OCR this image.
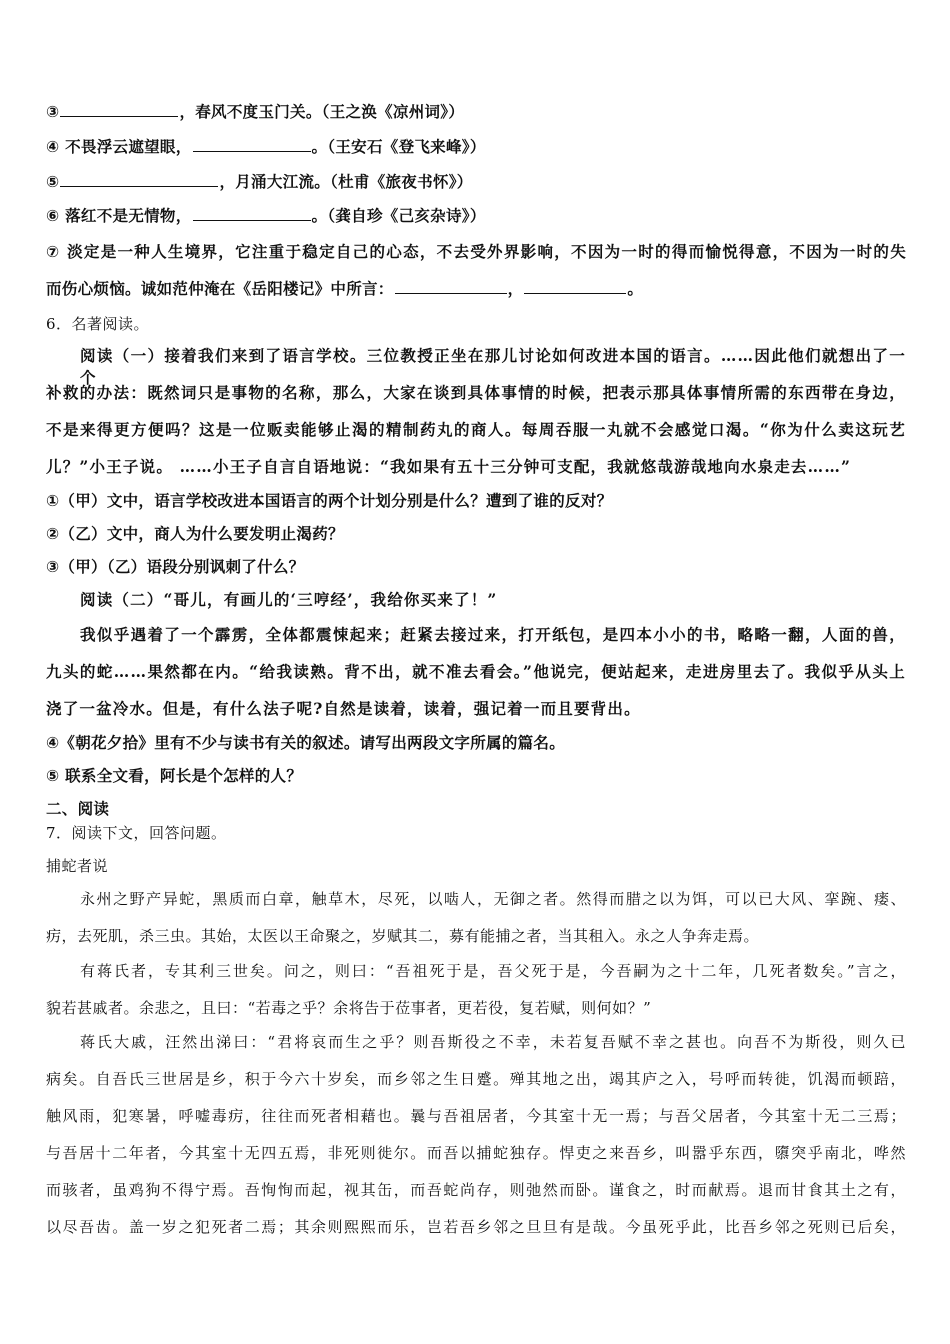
③	，春风不度玉门关。（王之涣《凉州词》）
④ 不畏浮云遮望眼，	。（王安石《登飞来峰》）
⑤	，月涌大江流。（杜甫《旅夜书怀》）
⑥ 落红不是无情物，	。（龚自珍《己亥杂诗》）
⑦ 淡定是一种人生境界，它注重于稳定自己的心态，不去受外界影响，不因为一时的得而愉悦得意，不因为一时的失
而伤心烦恼。诚如范仲淹在《岳阳楼记》中所言：	，	。
6．名著阅读。
阅读（一）接着我们来到了语言学校。三位教授正坐在那儿讨论如何改进本国的语言。……因此他们就想出了一个
补救的办法：既然词只是事物的名称，那么，大家在谈到具体事情的时候，把表示那具体事情所需的东西带在身边，
不是来得更方便吗？这是一位贩卖能够止渴的精制药丸的商人。每周吞服一丸就不会感觉口渴。“你为什么卖这玩艺
儿？”小王子说。 ……小王子自言自语地说：“我如果有五十三分钟可支配，我就悠哉游哉地向水泉走去……”
①（甲）文中，语言学校改进本国语言的两个计划分别是什么？遭到了谁的反对？
②（乙）文中，商人为什么要发明止渴药？
③（甲）（乙）语段分别讽刺了什么？
阅读（二）“哥儿，有画儿的‘三哼经’，我给你买来了！”
我似乎遇着了一个霹雳，全体都震悚起来；赶紧去接过来，打开纸包，是四本小小的书，略略一翻，人面的兽，
九头的蛇……果然都在内。“给我读熟。背不出，就不准去看会。”他说完，便站起来，走进房里去了。我似乎从头上
浇了一盆冷水。但是，有什么法子呢?自然是读着，读着，强记着一而且要背出。
④《朝花夕拾》里有不少与读书有关的叙述。请写出两段文字所属的篇名。
⑤ 联系全文看，阿长是个怎样的人？
二、阅读
7．阅读下文，回答问题。
捕蛇者说
永州之野产异蛇，黑质而白章，触草木，尽死，以啮人，无御之者。然得而腊之以为饵，可以已大风、挛踠、瘘、
疠，去死肌，杀三虫。其始，太医以王命聚之，岁赋其二，募有能捕之者，当其租入。永之人争奔走焉。
有蒋氏者，专其利三世矣。问之，则曰：“吾祖死于是，吾父死于是，今吾嗣为之十二年，几死者数矣。”言之，
貌若甚戚者。余悲之，且曰：“若毒之乎？余将告于莅事者，更若役，复若赋，则何如？”
蒋氏大戚，汪然出涕曰：“君将哀而生之乎？则吾斯役之不幸，未若复吾赋不幸之甚也。向吾不为斯役，则久已
病矣。自吾氏三世居是乡，积于今六十岁矣，而乡邻之生日蹙。殚其地之出，竭其庐之入，号呼而转徙，饥渴而顿踣，
触风雨，犯寒暑，呼嘘毒疠，往往而死者相藉也。曩与吾祖居者，今其室十无一焉；与吾父居者，今其室十无二三焉；
与吾居十二年者，今其室十无四五焉，非死则徙尔。而吾以捕蛇独存。悍吏之来吾乡，叫嚣乎东西，隳突乎南北，哗然
而骇者，虽鸡狗不得宁焉。吾恂恂而起，视其缶，而吾蛇尚存，则弛然而卧。谨食之，时而献焉。退而甘食其土之有，
以尽吾齿。盖一岁之犯死者二焉；其余则熙熙而乐，岂若吾乡邻之旦旦有是哉。今虽死乎此，比吾乡邻之死则已后矣，
